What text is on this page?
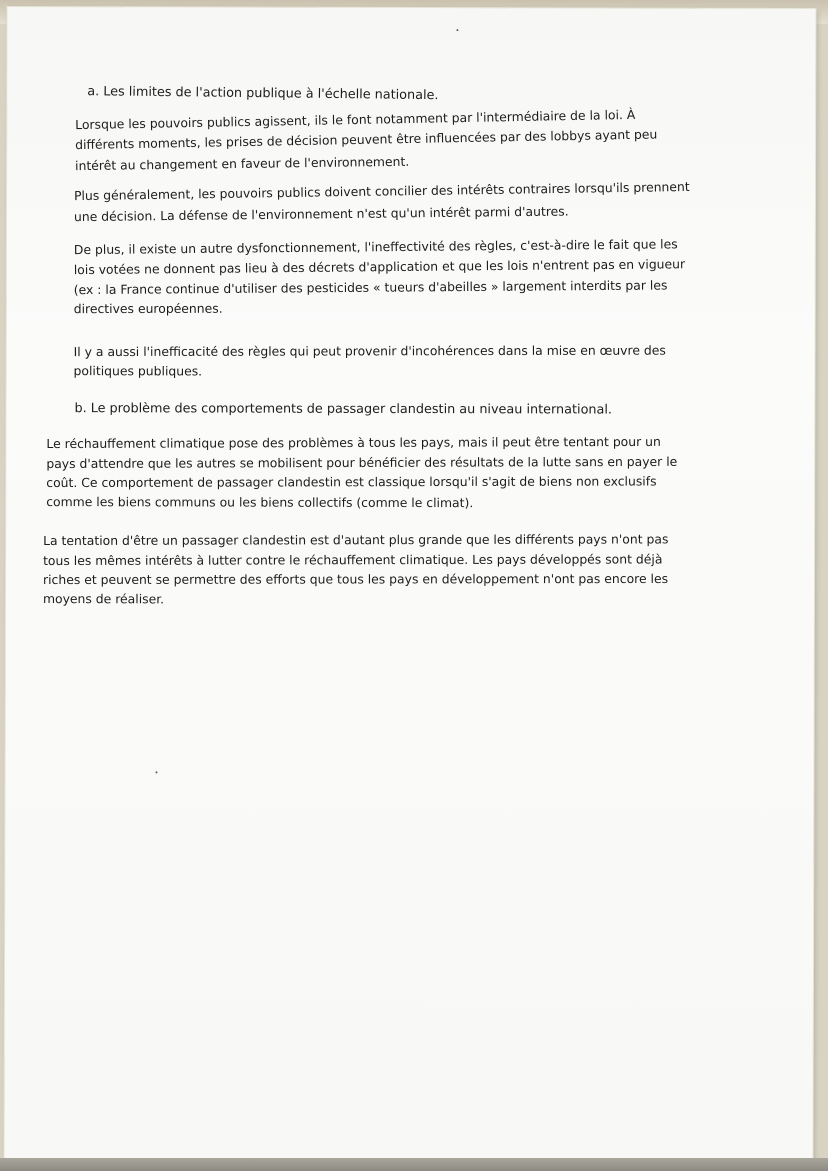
a. Les limites de l'action publique à l'échelle nationale.
Lorsque les pouvoirs publics agissent, ils le font notamment par l'intermédiaire de la loi. À
différents moments, les prises de décision peuvent être influencées par des lobbys ayant peu
intérêt au changement en faveur de l'environnement.
Plus généralement, les pouvoirs publics doivent concilier des intérêts contraires lorsqu'ils prennent
une décision. La défense de l'environnement n'est qu'un intérêt parmi d'autres.
De plus, il existe un autre dysfonctionnement, l'ineffectivité des règles, c'est-à-dire le fait que les
lois votées ne donnent pas lieu à des décrets d'application et que les lois n'entrent pas en vigueur
(ex : la France continue d'utiliser des pesticides « tueurs d'abeilles » largement interdits par les
directives européennes.
Il y a aussi l'inefficacité des règles qui peut provenir d'incohérences dans la mise en œuvre des
politiques publiques.
b. Le problème des comportements de passager clandestin au niveau international.
Le réchauffement climatique pose des problèmes à tous les pays, mais il peut être tentant pour un
pays d'attendre que les autres se mobilisent pour bénéficier des résultats de la lutte sans en payer le
coût. Ce comportement de passager clandestin est classique lorsqu'il s'agit de biens non exclusifs
comme les biens communs ou les biens collectifs (comme le climat).
La tentation d'être un passager clandestin est d'autant plus grande que les différents pays n'ont pas
tous les mêmes intérêts à lutter contre le réchauffement climatique. Les pays développés sont déjà
riches et peuvent se permettre des efforts que tous les pays en développement n'ont pas encore les
moyens de réaliser.
